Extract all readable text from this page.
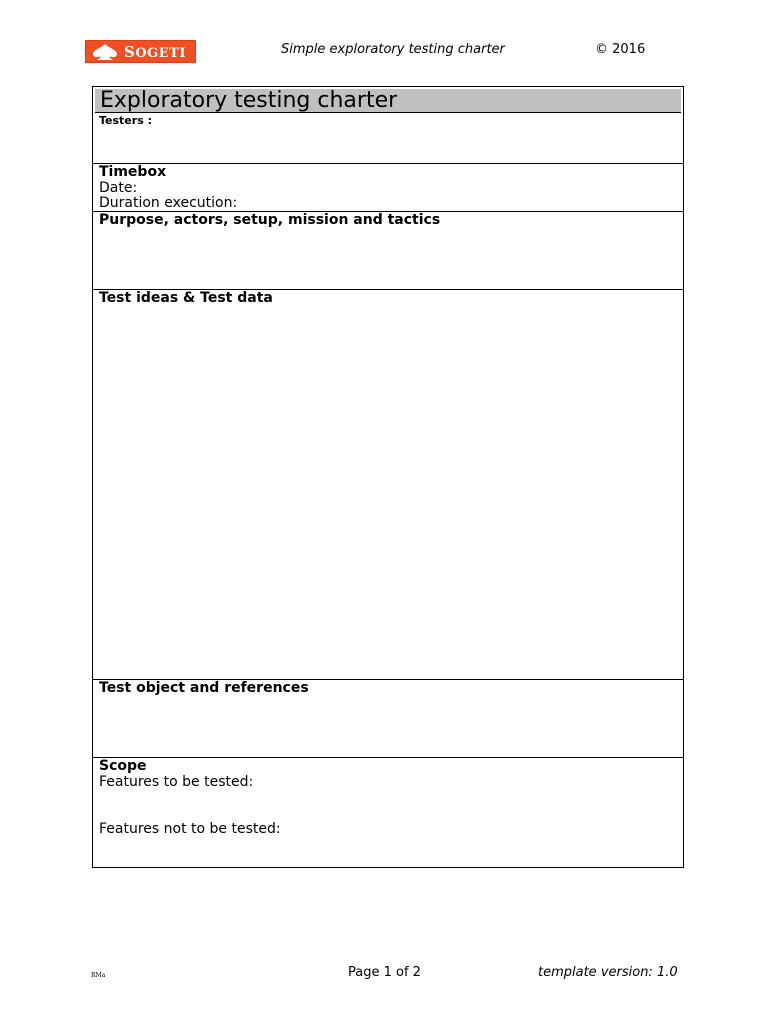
SOGETI	Simple exploratory testing charter	© 2016
Exploratory testing charter
Testers :
Timebox
Date:
Duration execution:
Purpose, actors, setup, mission and tactics
Test ideas & Test data
Test object and references
Scope
Features to be tested:
Features not to be tested:
RMa	Page 1 of 2	template version: 1.0
